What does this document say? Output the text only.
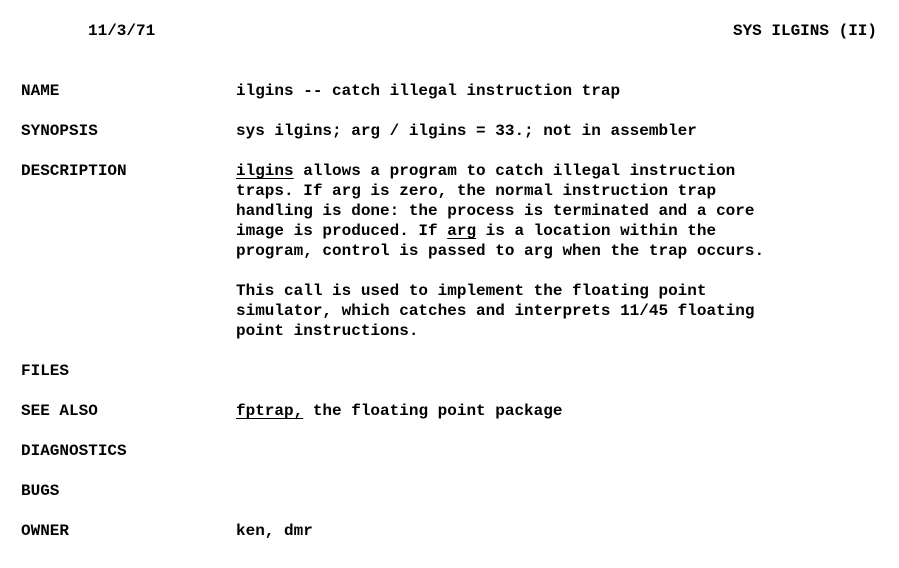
11/3/71	SYS ILGINS (II)
NAME	ilgins -- catch illegal instruction trap
SYNOPSIS	sys ilgins; arg / ilgins = 33.; not in assembler
DESCRIPTION	ilgins allows a program to catch illegal instruction
traps. If arg is zero, the normal instruction trap
handling is done: the process is terminated and a core
image is produced. If arg is a location within the
program, control is passed to arg when the trap occurs.
This call is used to implement the floating point
simulator, which catches and interprets 11/45 floating
point instructions.
FILES
SEE ALSO	fptrap, the floating point package
DIAGNOSTICS
BUGS
OWNER	ken, dmr
